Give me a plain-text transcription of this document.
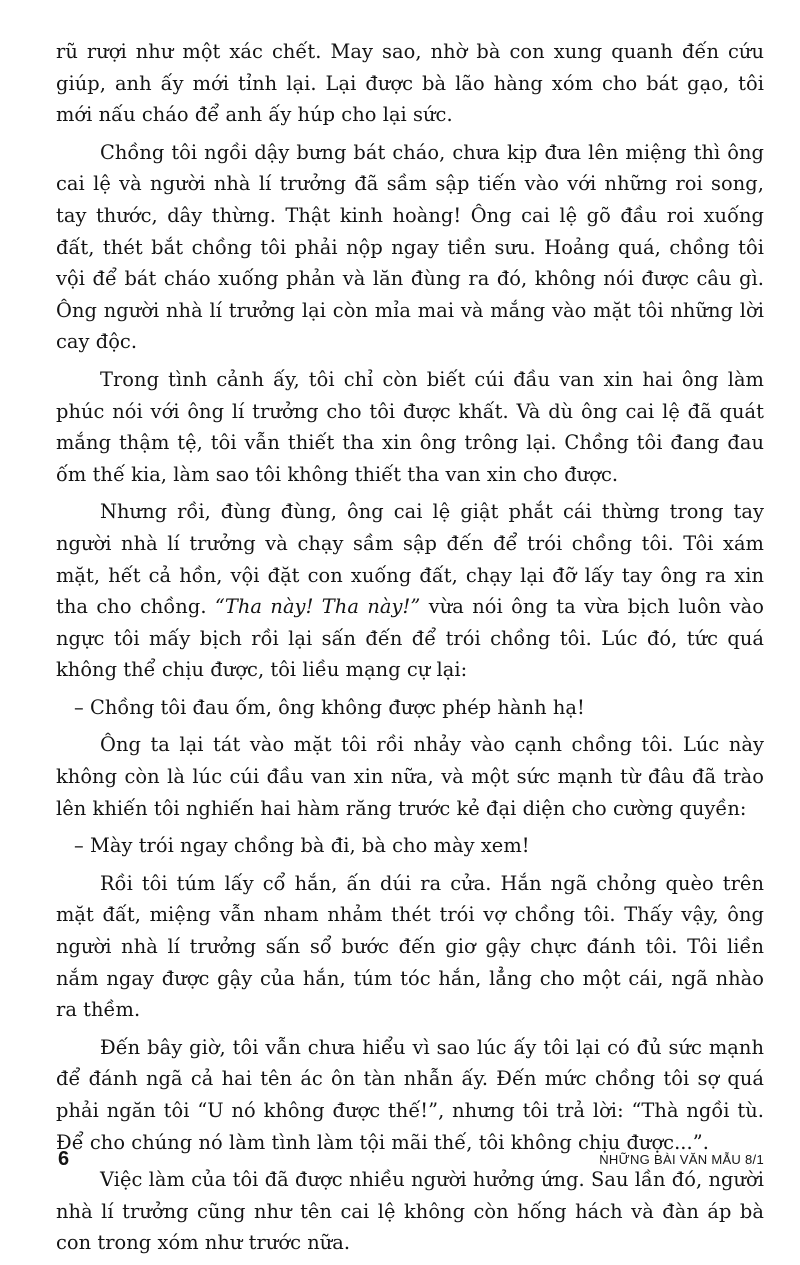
rũ rượi như một xác chết. May sao, nhờ bà con xung quanh đến cứu giúp, anh ấy mới tỉnh lại. Lại được bà lão hàng xóm cho bát gạo, tôi mới nấu cháo để anh ấy húp cho lại sức.

Chồng tôi ngồi dậy bưng bát cháo, chưa kịp đưa lên miệng thì ông cai lệ và người nhà lí trưởng đã sầm sập tiến vào với những roi song, tay thước, dây thừng. Thật kinh hoàng! Ông cai lệ gõ đầu roi xuống đất, thét bắt chồng tôi phải nộp ngay tiền sưu. Hoảng quá, chồng tôi vội để bát cháo xuống phản và lăn đùng ra đó, không nói được câu gì. Ông người nhà lí trưởng lại còn mỉa mai và mắng vào mặt tôi những lời cay độc.

Trong tình cảnh ấy, tôi chỉ còn biết cúi đầu van xin hai ông làm phúc nói với ông lí trưởng cho tôi được khất. Và dù ông cai lệ đã quát mắng thậm tệ, tôi vẫn thiết tha xin ông trông lại. Chồng tôi đang đau ốm thế kia, làm sao tôi không thiết tha van xin cho được.

Nhưng rồi, đùng đùng, ông cai lệ giật phắt cái thừng trong tay người nhà lí trưởng và chạy sầm sập đến để trói chồng tôi. Tôi xám mặt, hết cả hồn, vội đặt con xuống đất, chạy lại đỡ lấy tay ông ra xin tha cho chồng. “Tha này! Tha này!” vừa nói ông ta vừa bịch luôn vào ngực tôi mấy bịch rồi lại sấn đến để trói chồng tôi. Lúc đó, tức quá không thể chịu được, tôi liều mạng cự lại:

– Chồng tôi đau ốm, ông không được phép hành hạ!

Ông ta lại tát vào mặt tôi rồi nhảy vào cạnh chồng tôi. Lúc này không còn là lúc cúi đầu van xin nữa, và một sức mạnh từ đâu đã trào lên khiến tôi nghiến hai hàm răng trước kẻ đại diện cho cường quyền:

– Mày trói ngay chồng bà đi, bà cho mày xem!

Rồi tôi túm lấy cổ hắn, ấn dúi ra cửa. Hắn ngã chỏng quèo trên mặt đất, miệng vẫn nham nhảm thét trói vợ chồng tôi. Thấy vậy, ông người nhà lí trưởng sấn sổ bước đến giơ gậy chực đánh tôi. Tôi liền nắm ngay được gậy của hắn, túm tóc hắn, lẳng cho một cái, ngã nhào ra thềm.

Đến bây giờ, tôi vẫn chưa hiểu vì sao lúc ấy tôi lại có đủ sức mạnh để đánh ngã cả hai tên ác ôn tàn nhẫn ấy. Đến mức chồng tôi sợ quá phải ngăn tôi “U nó không được thế!”, nhưng tôi trả lời: “Thà ngồi tù. Để cho chúng nó làm tình làm tội mãi thế, tôi không chịu được...”.

Việc làm của tôi đã được nhiều người hưởng ứng. Sau lần đó, người nhà lí trưởng cũng như tên cai lệ không còn hống hách và đàn áp bà con trong xóm như trước nữa.

6	NHỮNG BÀI VĂN MẪU 8/1
